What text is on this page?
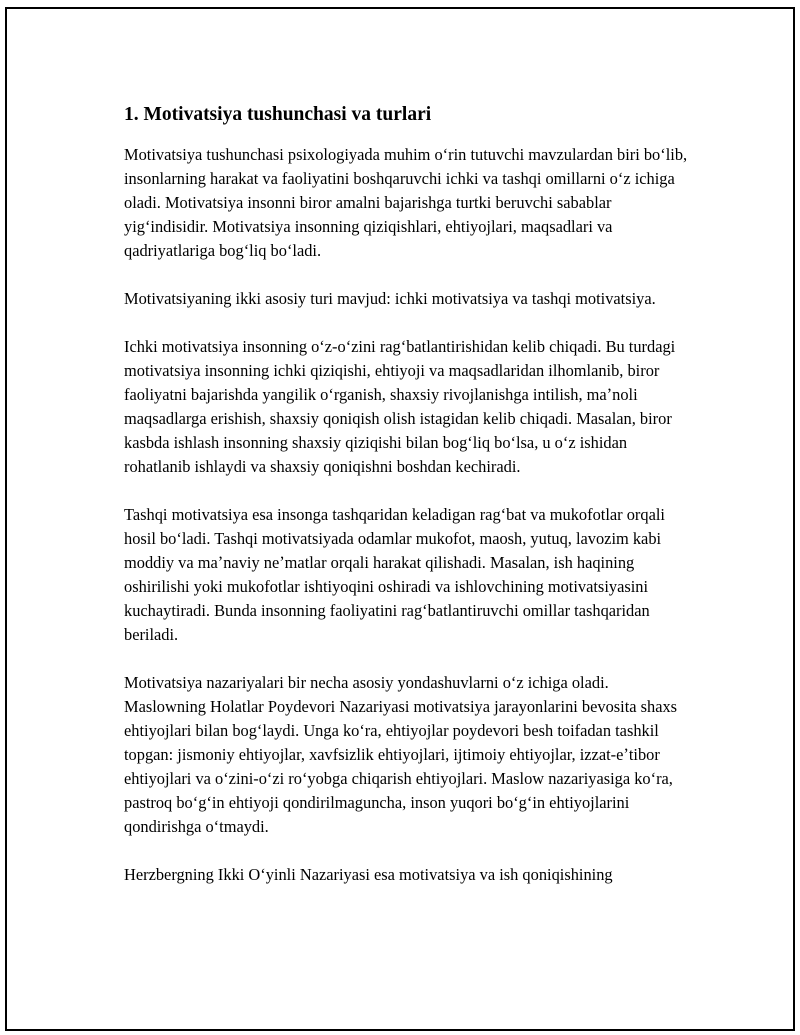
1. Motivatsiya tushunchasi va turlari

Motivatsiya tushunchasi psixologiyada muhim oʻrin tutuvchi mavzulardan biri boʻlib, insonlarning harakat va faoliyatini boshqaruvchi ichki va tashqi omillarni oʻz ichiga oladi. Motivatsiya insonni biror amalni bajarishga turtki beruvchi sabablar yigʻindisidir. Motivatsiya insonning qiziqishlari, ehtiyojlari, maqsadlari va qadriyatlariga bogʻliq boʻladi.

Motivatsiyaning ikki asosiy turi mavjud: ichki motivatsiya va tashqi motivatsiya.

Ichki motivatsiya insonning oʻz-oʻzini ragʻbatlantirishidan kelib chiqadi. Bu turdagi motivatsiya insonning ichki qiziqishi, ehtiyoji va maqsadlaridan ilhomlanib, biror faoliyatni bajarishda yangilik oʻrganish, shaxsiy rivojlanishga intilish, maʼnoli maqsadlarga erishish, shaxsiy qoniqish olish istagidan kelib chiqadi. Masalan, biror kasbda ishlash insonning shaxsiy qiziqishi bilan bogʻliq boʻlsa, u oʻz ishidan rohatlanib ishlaydi va shaxsiy qoniqishni boshdan kechiradi.

Tashqi motivatsiya esa insonga tashqaridan keladigan ragʻbat va mukofotlar orqali hosil boʻladi. Tashqi motivatsiyada odamlar mukofot, maosh, yutuq, lavozim kabi moddiy va maʼnaviy neʼmatlar orqali harakat qilishadi. Masalan, ish haqining oshirilishi yoki mukofotlar ishtiyoqini oshiradi va ishlovchining motivatsiyasini kuchaytiradi. Bunda insonning faoliyatini ragʻbatlantiruvchi omillar tashqaridan beriladi.

Motivatsiya nazariyalari bir necha asosiy yondashuvlarni oʻz ichiga oladi. Maslowning Holatlar Poydevori Nazariyasi motivatsiya jarayonlarini bevosita shaxs ehtiyojlari bilan bogʻlaydi. Unga koʻra, ehtiyojlar poydevori besh toifadan tashkil topgan: jismoniy ehtiyojlar, xavfsizlik ehtiyojlari, ijtimoiy ehtiyojlar, izzat-eʼtibor ehtiyojlari va oʻzini-oʻzi roʻyobga chiqarish ehtiyojlari. Maslow nazariyasiga koʻra, pastroq boʻgʻin ehtiyoji qondirilmaguncha, inson yuqori boʻgʻin ehtiyojlarini qondirishga oʻtmaydi.

Herzbergning Ikki Oʻyinli Nazariyasi esa motivatsiya va ish qoniqishining
